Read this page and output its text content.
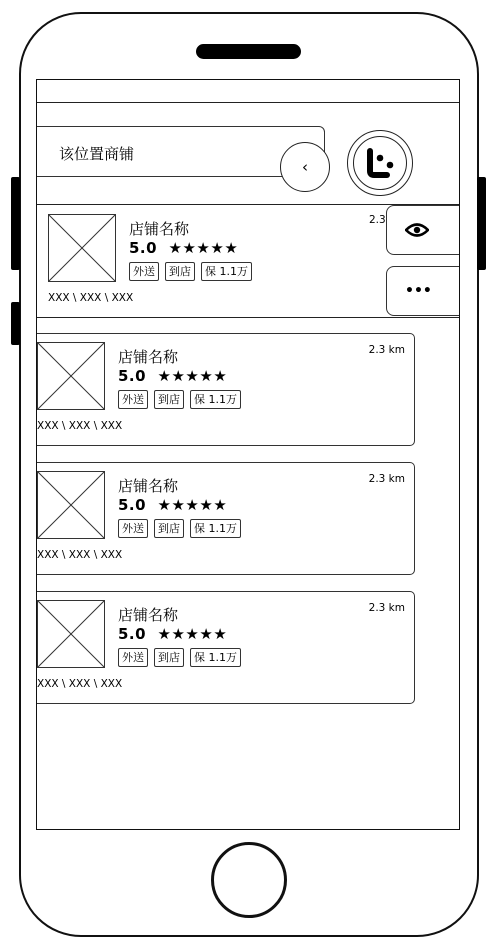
该位置商铺
‹
店铺名称
5.0  ★★★★★
外送	到店	保 1.1万
XXX \ XXX \ XXX
2.3
•••
店铺名称
5.0  ★★★★★
外送	到店	保 1.1万
XXX \ XXX \ XXX
2.3 km
店铺名称
5.0  ★★★★★
外送	到店	保 1.1万
XXX \ XXX \ XXX
2.3 km
店铺名称
5.0  ★★★★★
外送	到店	保 1.1万
XXX \ XXX \ XXX
2.3 km
